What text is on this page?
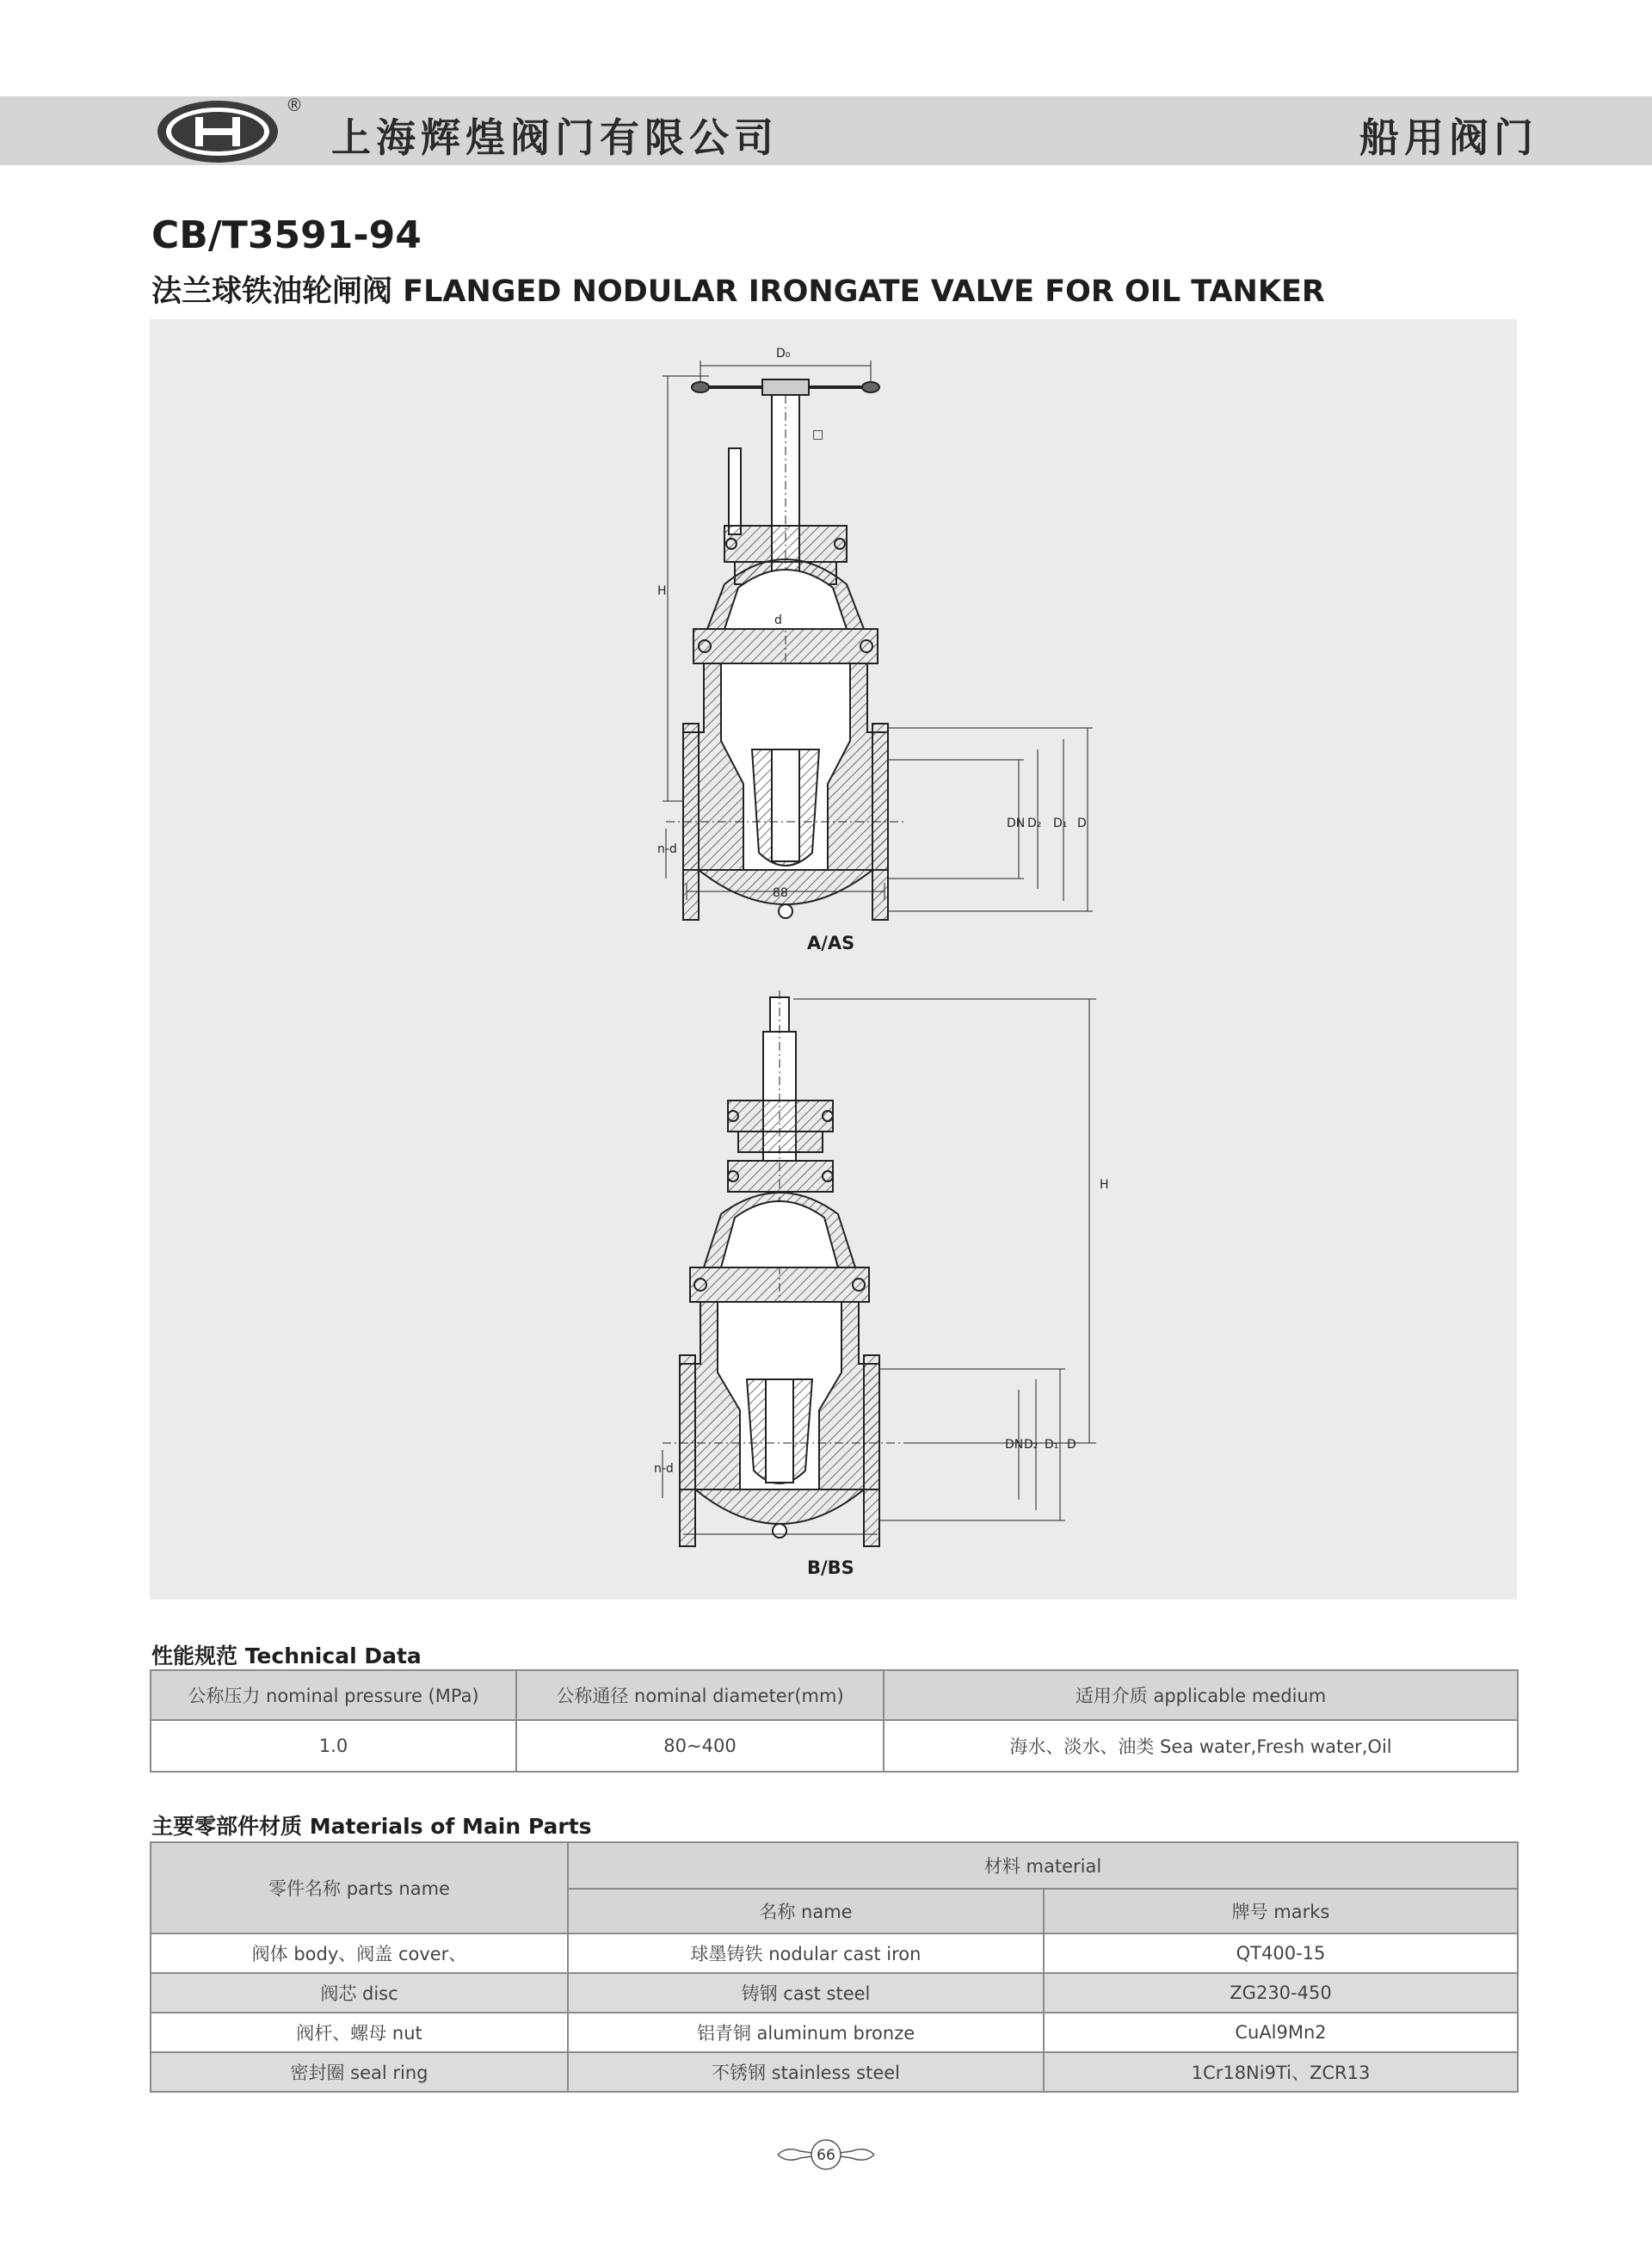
®
上海辉煌阀门有限公司	船用阀门
CB/T3591-94
法兰球铁油轮闸阀 FLANGED NODULAR IRONGATE VALVE FOR OIL TANKER
D₀
H
d
□
88
n-d
DN D₂ D₁ D
H
n-d
DN D₂ D₁ D
A/AS
B/BS
性能规范 Technical Data
公称压力 nominal pressure (MPa)	公称通径 nominal diameter(mm)	适用介质 applicable medium
1.0	80~400	海水、淡水、油类 Sea water,Fresh water,Oil
主要零部件材质 Materials of Main Parts
零件名称 parts name	材料 material	
	名称 name	牌号 marks
阀体 body、阀盖 cover、	球墨铸铁 nodular cast iron	QT400-15
阀芯 disc	铸钢 cast steel	ZG230-450
阀杆、螺母 nut	铝青铜 aluminum bronze	CuAl9Mn2
密封圈 seal ring	不锈钢 stainless steel	1Cr18Ni9Ti、ZCR13
66
